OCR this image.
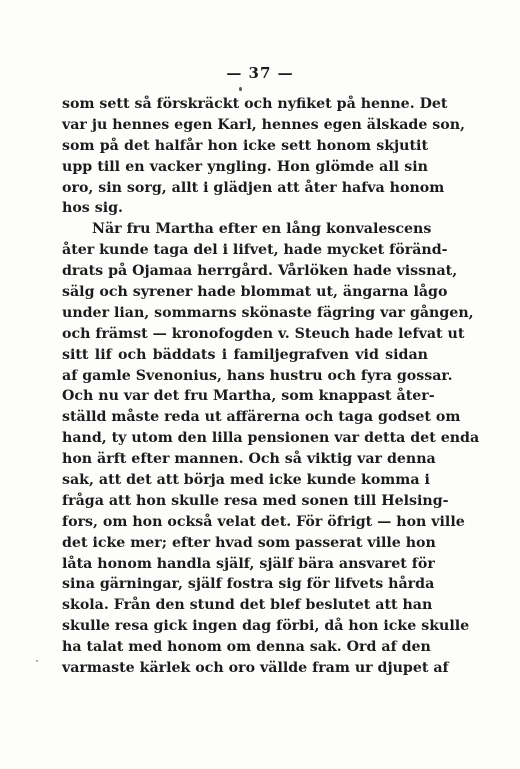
— 37 —
som sett så förskräckt och nyfiket på henne. Det
var ju hennes egen Karl, hennes egen älskade son,
som på det halfår hon icke sett honom skjutit
upp till en vacker yngling. Hon glömde all sin
oro, sin sorg, allt i glädjen att åter hafva honom
hos sig.
När fru Martha efter en lång konvalescens
åter kunde taga del i lifvet, hade mycket föränd-
drats på Ojamaa herrgård. Vårlöken hade vissnat,
sälg och syrener hade blommat ut, ängarna lågo
under lian, sommarns skönaste fägring var gången,
och främst — kronofogden v. Steuch hade lefvat ut
sitt lif och bäddats i familjegrafven vid sidan
af gamle Svenonius, hans hustru och fyra gossar.
Och nu var det fru Martha, som knappast åter-
ställd måste reda ut affärerna och taga godset om
hand, ty utom den lilla pensionen var detta det enda
hon ärft efter mannen. Och så viktig var denna
sak, att det att börja med icke kunde komma i
fråga att hon skulle resa med sonen till Helsing-
fors, om hon också velat det. För öfrigt — hon ville
det icke mer; efter hvad som passerat ville hon
låta honom handla själf, själf bära ansvaret för
sina gärningar, själf fostra sig för lifvets hårda
skola. Från den stund det blef beslutet att han
skulle resa gick ingen dag förbi, då hon icke skulle
ha talat med honom om denna sak. Ord af den
varmaste kärlek och oro vällde fram ur djupet af
